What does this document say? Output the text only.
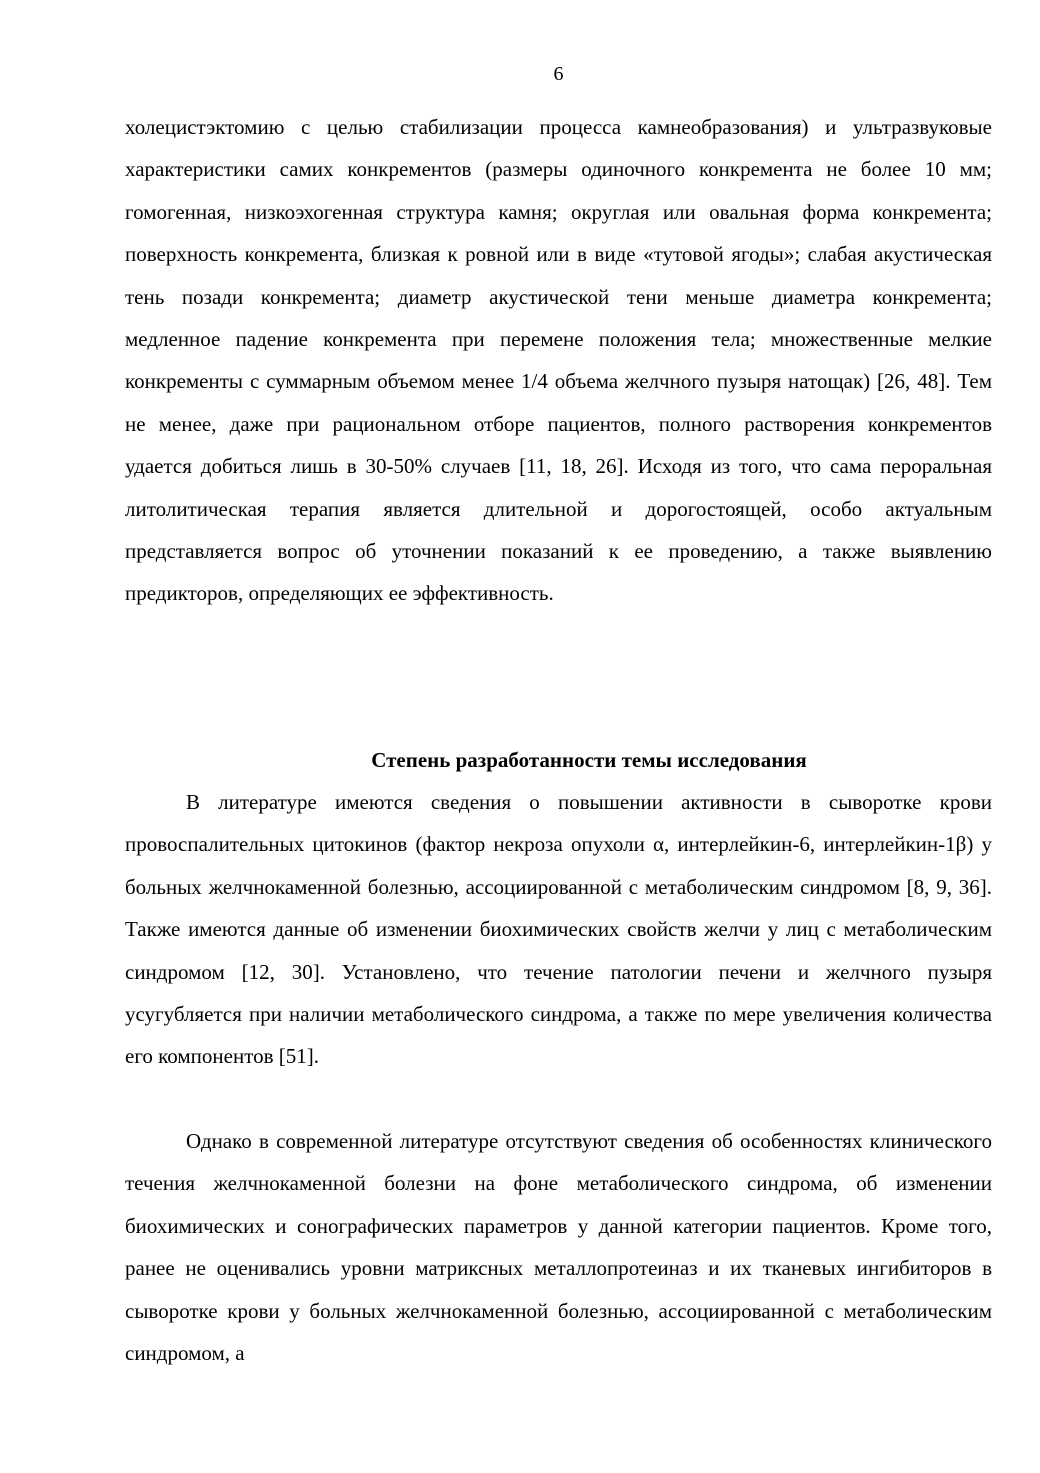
6

холецистэктомию с целью стабилизации процесса камнеобразования) и ультразвуковые характеристики самих конкрементов (размеры одиночного конкремента не более 10 мм; гомогенная, низкоэхогенная структура камня; округлая или овальная форма конкремента; поверхность конкремента, близкая к ровной или в виде «тутовой ягоды»; слабая акустическая тень позади конкремента; диаметр акустической тени меньше диаметра конкремента; медленное падение конкремента при перемене положения тела; множественные мелкие конкременты с суммарным объемом менее 1/4 объема желчного пузыря натощак) [26, 48]. Тем не менее, даже при рациональном отборе пациентов, полного растворения конкрементов удается добиться лишь в 30-50% случаев [11, 18, 26]. Исходя из того, что сама пероральная литолитическая терапия является длительной и дорогостоящей, особо актуальным представляется вопрос об уточнении показаний к ее проведению, а также выявлению предикторов, определяющих ее эффективность.

Степень разработанности темы исследования

В литературе имеются сведения о повышении активности в сыворотке крови провоспалительных цитокинов (фактор некроза опухоли α, интерлейкин-6, интерлейкин-1β) у больных желчнокаменной болезнью, ассоциированной с метаболическим синдромом [8, 9, 36]. Также имеются данные об изменении биохимических свойств желчи у лиц с метаболическим синдромом [12, 30]. Установлено, что течение патологии печени и желчного пузыря усугубляется при наличии метаболического синдрома, а также по мере увеличения количества его компонентов [51].

Однако в современной литературе отсутствуют сведения об особенностях клинического течения желчнокаменной болезни на фоне метаболического синдрома, об изменении биохимических и сонографических параметров у данной категории пациентов. Кроме того, ранее не оценивались уровни матриксных металлопротеиназ и их тканевых ингибиторов в сыворотке крови у больных желчнокаменной болезнью, ассоциированной с метаболическим синдромом, а
